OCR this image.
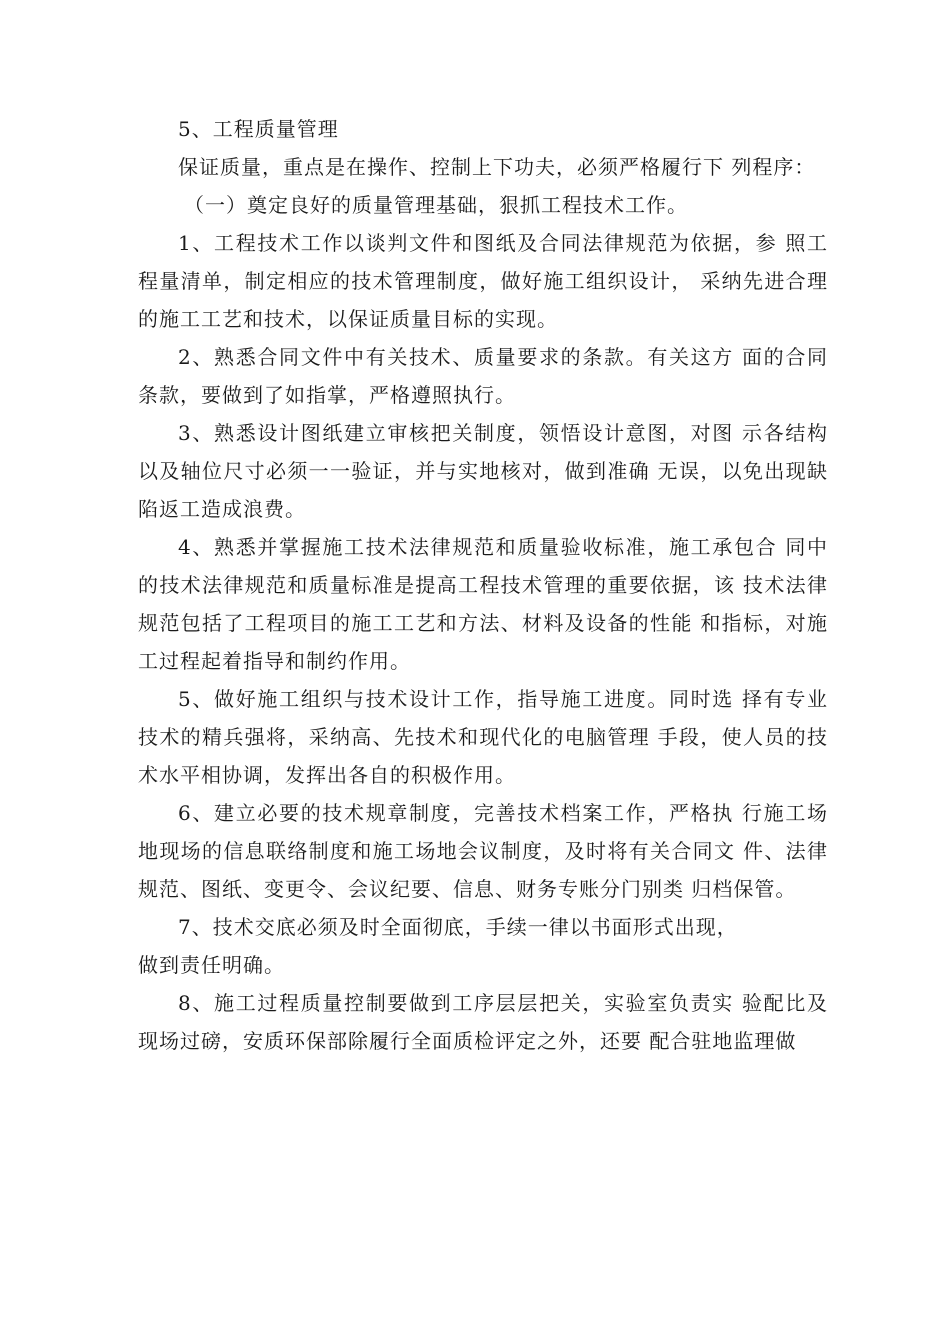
5、工程质量管理

保证质量，重点是在操作、控制上下功夫，必须严格履行下 列程序：

（一）奠定良好的质量管理基础，狠抓工程技术工作。

1、工程技术工作以谈判文件和图纸及合同法律规范为依据，参 照工程量清单，制定相应的技术管理制度，做好施工组织设计， 采纳先进合理的施工工艺和技术，以保证质量目标的实现。

2、熟悉合同文件中有关技术、质量要求的条款。有关这方 面的合同条款，要做到了如指掌，严格遵照执行。

3、熟悉设计图纸建立审核把关制度，领悟设计意图，对图 示各结构以及轴位尺寸必须一一验证，并与实地核对，做到准确 无误，以免出现缺陷返工造成浪费。

4、熟悉并掌握施工技术法律规范和质量验收标准，施工承包合 同中的技术法律规范和质量标准是提高工程技术管理的重要依据，该 技术法律规范包括了工程项目的施工工艺和方法、材料及设备的性能 和指标，对施工过程起着指导和制约作用。

5、做好施工组织与技术设计工作，指导施工进度。同时选 择有专业技术的精兵强将，采纳高、先技术和现代化的电脑管理 手段，使人员的技术水平相协调，发挥出各自的积极作用。

6、建立必要的技术规章制度，完善技术档案工作，严格执 行施工场地现场的信息联络制度和施工场地会议制度，及时将有关合同文 件、法律规范、图纸、变更令、会议纪要、信息、财务专账分门别类 归档保管。

7、技术交底必须及时全面彻底，手续一律以书面形式出现，

做到责任明确。

8、施工过程质量控制要做到工序层层把关，实验室负责实 验配比及现场过磅，安质环保部除履行全面质检评定之外，还要 配合驻地监理做
